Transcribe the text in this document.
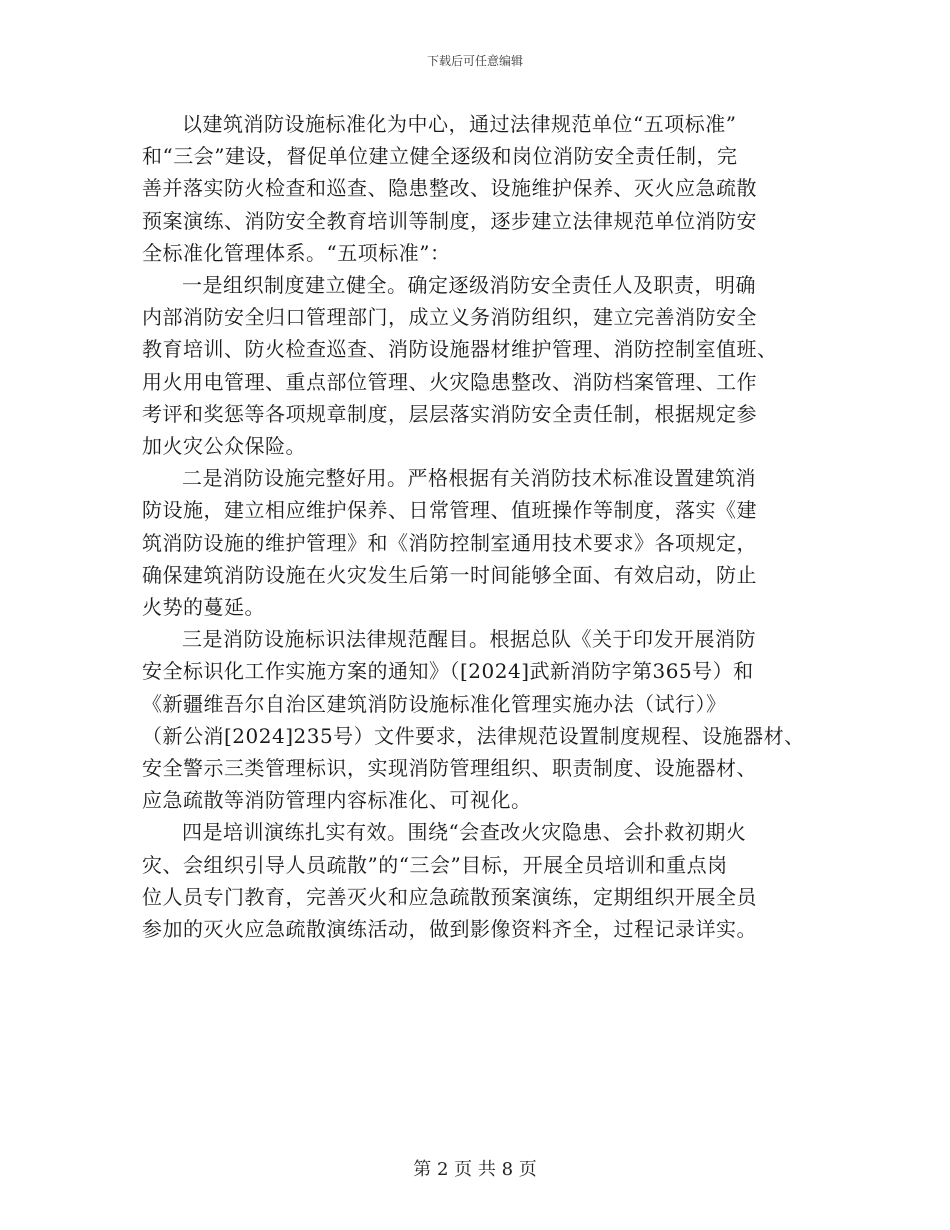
下载后可任意编辑
以建筑消防设施标准化为中心，通过法律规范单位“五项标准”
和“三会”建设，督促单位建立健全逐级和岗位消防安全责任制，完
善并落实防火检查和巡查、隐患整改、设施维护保养、灭火应急疏散
预案演练、消防安全教育培训等制度，逐步建立法律规范单位消防安
全标准化管理体系。“五项标准”：
一是组织制度建立健全。确定逐级消防安全责任人及职责，明确
内部消防安全归口管理部门，成立义务消防组织，建立完善消防安全
教育培训、防火检查巡查、消防设施器材维护管理、消防控制室值班、
用火用电管理、重点部位管理、火灾隐患整改、消防档案管理、工作
考评和奖惩等各项规章制度，层层落实消防安全责任制，根据规定参
加火灾公众保险。
二是消防设施完整好用。严格根据有关消防技术标准设置建筑消
防设施，建立相应维护保养、日常管理、值班操作等制度，落实《建
筑消防设施的维护管理》和《消防控制室通用技术要求》各项规定，
确保建筑消防设施在火灾发生后第一时间能够全面、有效启动，防止
火势的蔓延。
三是消防设施标识法律规范醒目。根据总队《关于印发开展消防
安全标识化工作实施方案的通知》（[2024]武新消防字第365号）和
《新疆维吾尔自治区建筑消防设施标准化管理实施办法（试行）》
（新公消[2024]235号）文件要求，法律规范设置制度规程、设施器材、
安全警示三类管理标识，实现消防管理组织、职责制度、设施器材、
应急疏散等消防管理内容标准化、可视化。
四是培训演练扎实有效。围绕“会查改火灾隐患、会扑救初期火
灾、会组织引导人员疏散”的“三会”目标，开展全员培训和重点岗
位人员专门教育，完善灭火和应急疏散预案演练，定期组织开展全员
参加的灭火应急疏散演练活动，做到影像资料齐全，过程记录详实。
第 2 页 共 8 页
